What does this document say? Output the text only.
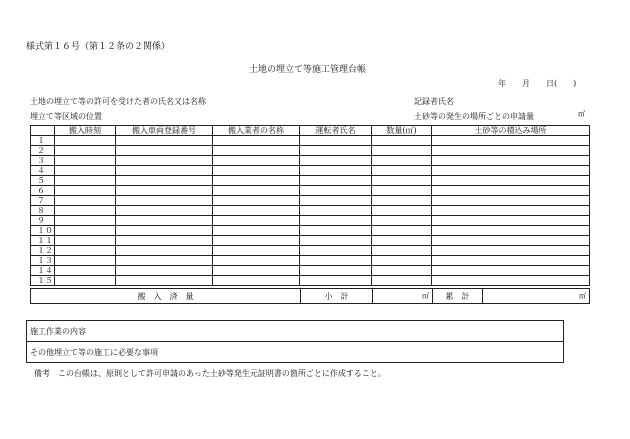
様式第１６号（第１２条の２関係）
土地の埋立て等施工管理台帳
年　　月　　日(　　)
土地の埋立て等の許可を受けた者の氏名又は名称	記録者氏名
埋立て等区域の位置	土砂等の発生の場所ごとの申請量	㎥
	搬入時刻	搬入車両登録番号	搬入業者の名称	運転者氏名	数量(㎥)	土砂等の積込み場所
１						
２						
３						
４						
５						
６						
７						
８						
９						
１０						
１１						
１２						
１３						
１４						
１５						
搬　入　済　量	小　計	㎥	累　計	㎥
施工作業の内容
その他埋立て等の施工に必要な事項
備考　この台帳は、原則として許可申請のあった土砂等発生元証明書の箇所ごとに作成すること。
